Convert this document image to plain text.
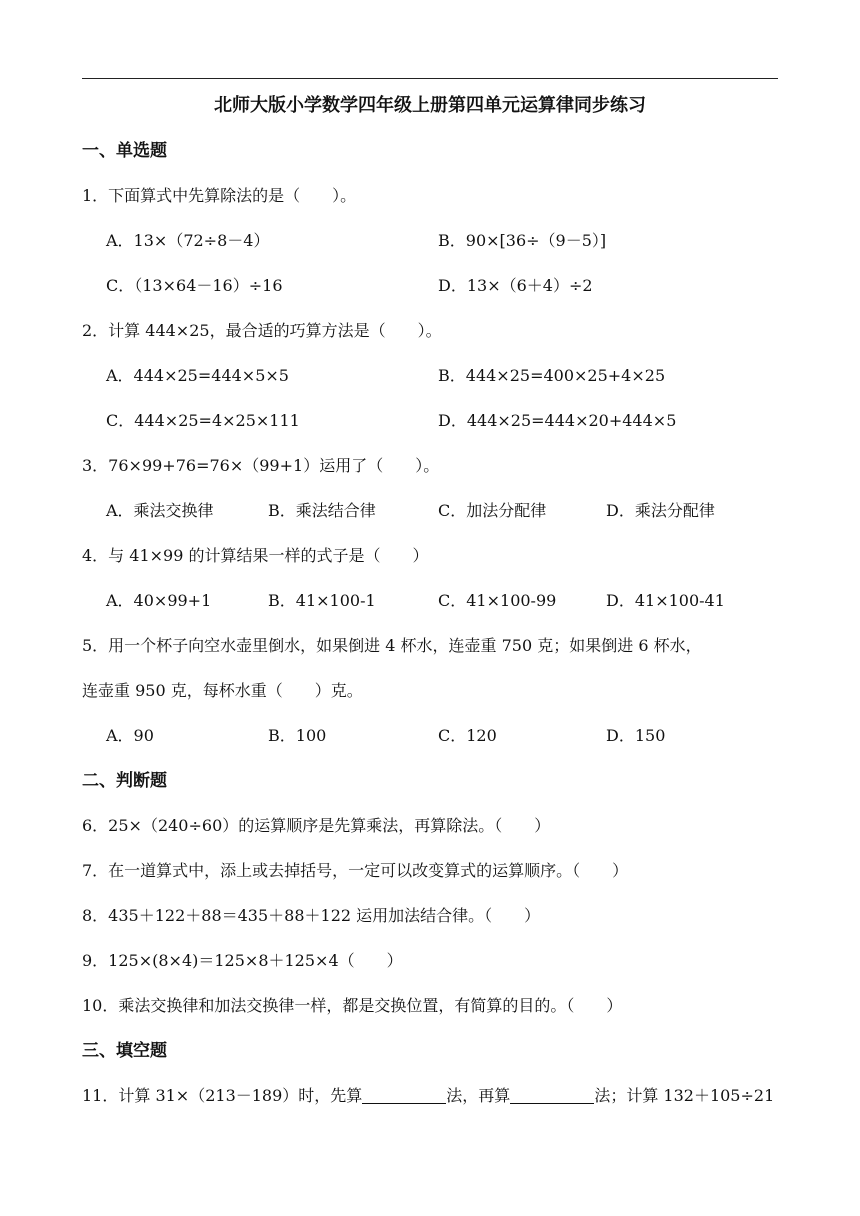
北师大版小学数学四年级上册第四单元运算律同步练习
一、单选题
1．下面算式中先算除法的是（　　）。
A．13×（72÷8－4）	B．90×[36÷（9－5）]
C．（13×64－16）÷16	D．13×（6＋4）÷2
2．计算 444×25，最合适的巧算方法是（　　）。
A．444×25=444×5×5	B．444×25=400×25+4×25
C．444×25=4×25×111	D．444×25=444×20+444×5
3．76×99+76=76×（99+1）运用了（　　）。
A．乘法交换律	B．乘法结合律	C．加法分配律	D．乘法分配律
4．与 41×99 的计算结果一样的式子是（　　）
A．40×99+1	B．41×100-1	C．41×100-99	D．41×100-41
5．用一个杯子向空水壶里倒水，如果倒进 4 杯水，连壶重 750 克；如果倒进 6 杯水，
连壶重 950 克，每杯水重（　　）克。
A．90	B．100	C．120	D．150
二、判断题
6．25×（240÷60）的运算顺序是先算乘法，再算除法。（　　）
7．在一道算式中，添上或去掉括号，一定可以改变算式的运算顺序。（　　）
8．435＋122＋88＝435＋88＋122 运用加法结合律。（　　）
9．125×(8×4)＝125×8＋125×4（　　）
10．乘法交换律和加法交换律一样，都是交换位置，有简算的目的。（　　）
三、填空题
11．计算 31×（213－189）时，先算	法，再算	法；计算 132＋105÷21
